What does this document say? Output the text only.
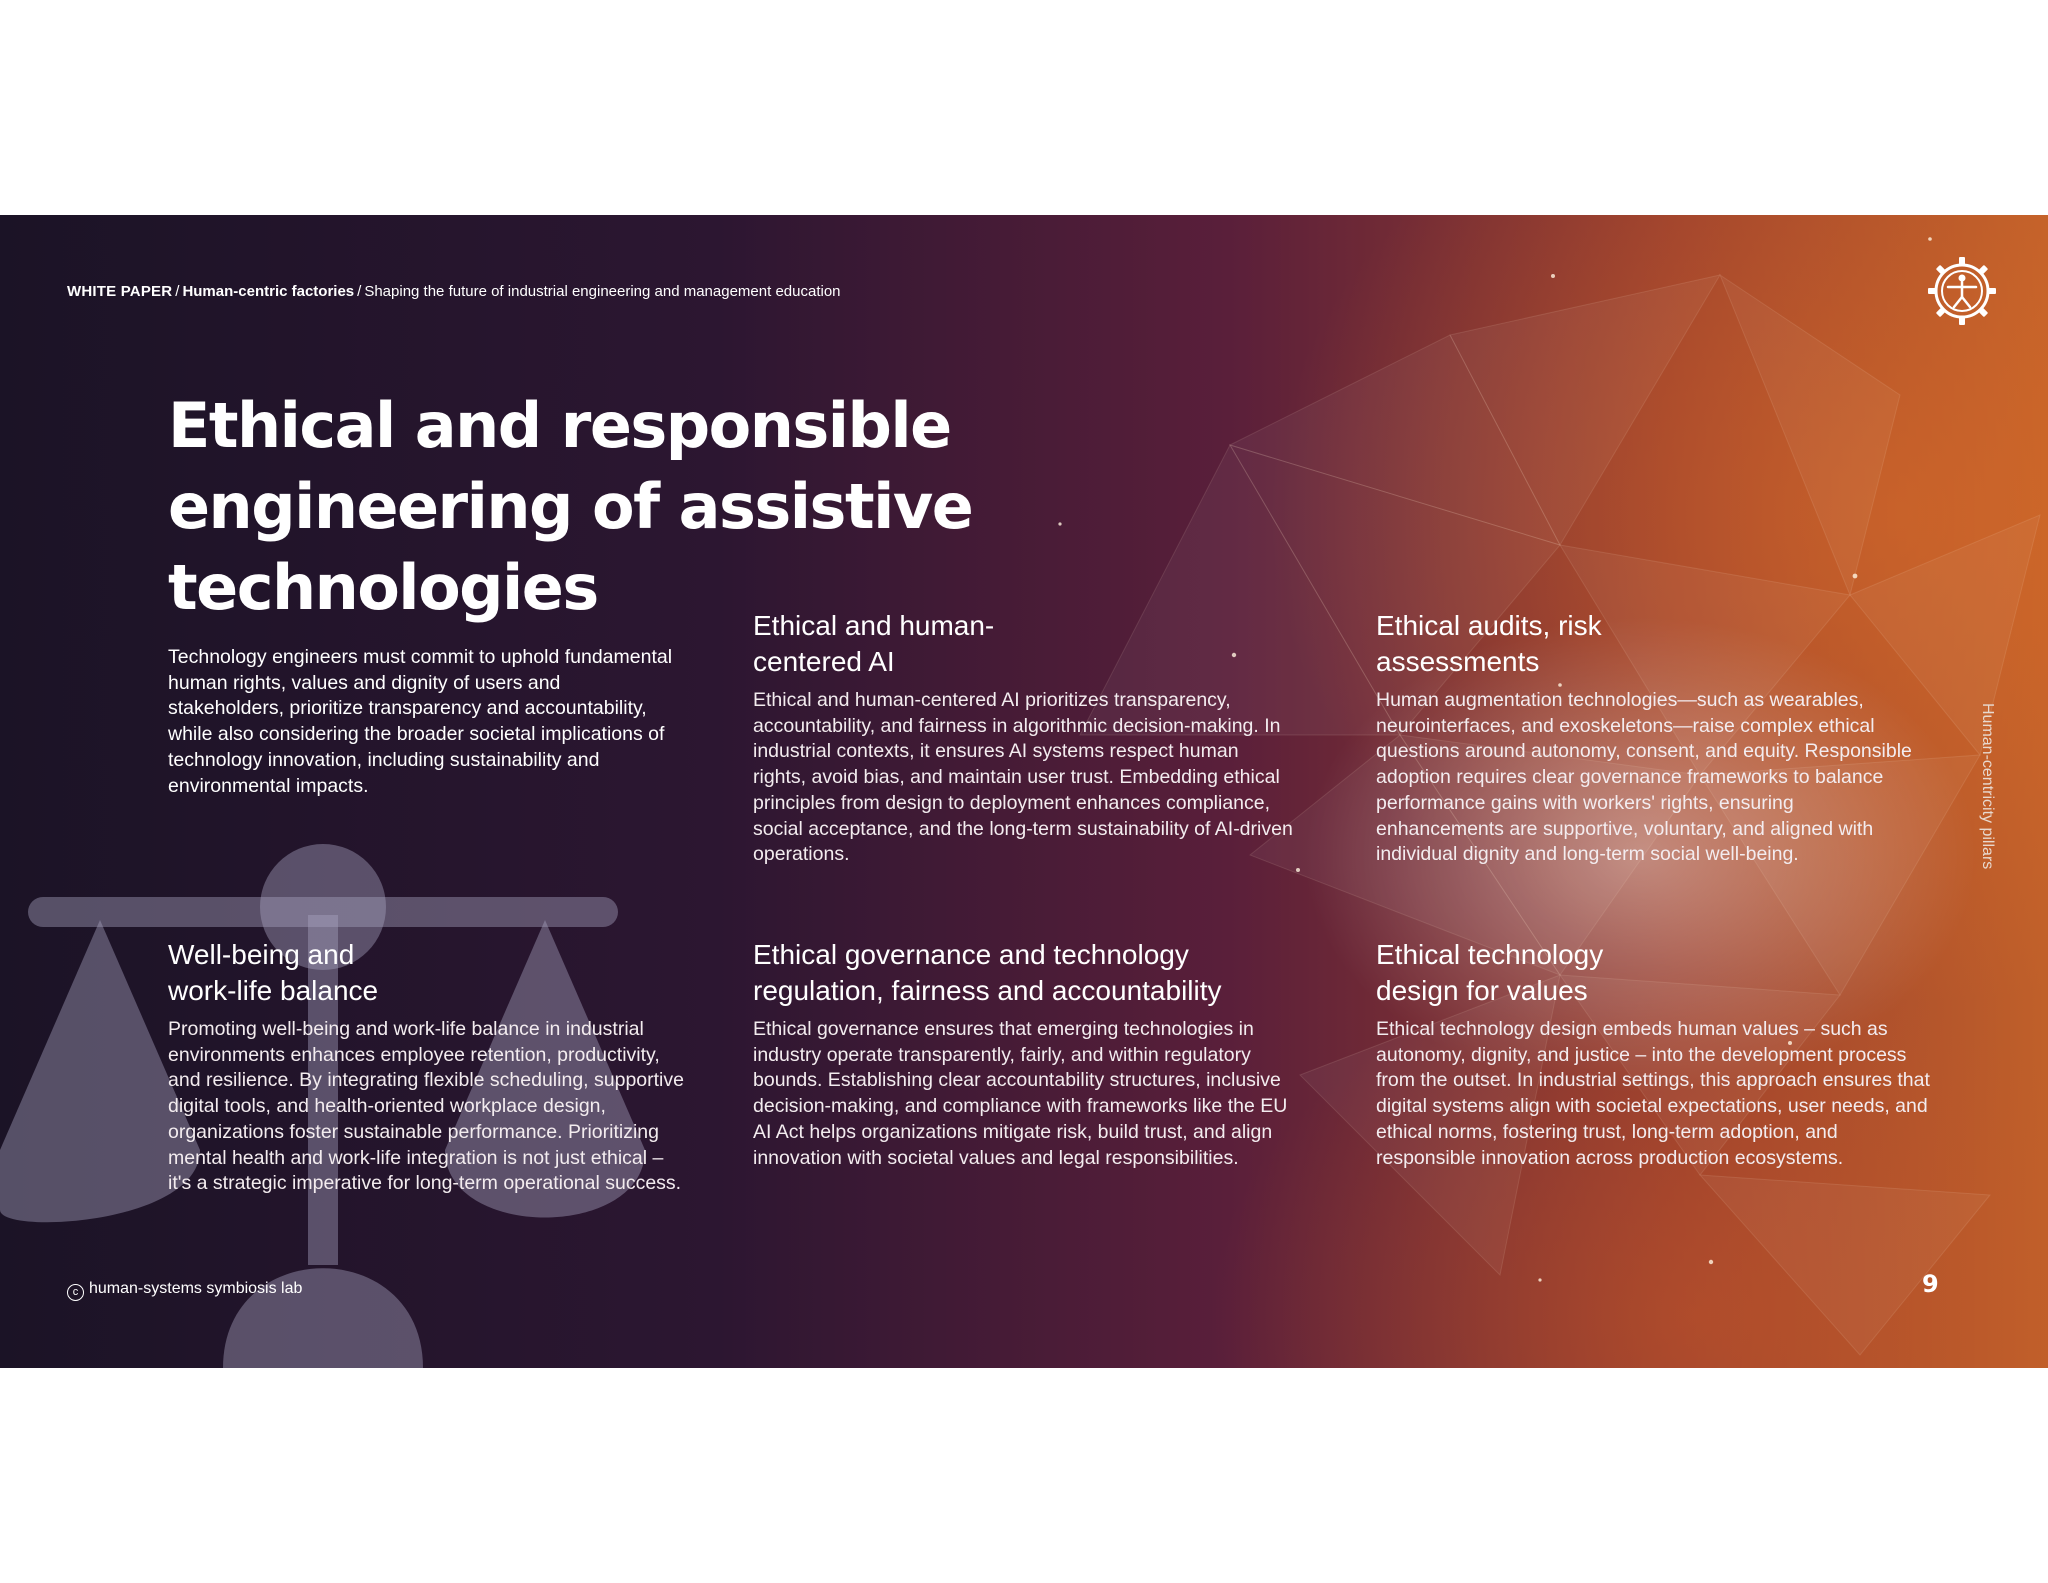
WHITE PAPER / Human-centric factories / Shaping the future of industrial engineering and management education
Ethical and responsible engineering of assistive technologies

Technology engineers must commit to uphold fundamental human rights, values and dignity of users and stakeholders, prioritize transparency and accountability, while also considering the broader societal implications of technology innovation, including sustainability and environmental impacts.

Ethical and human-
centered AI

Ethical and human-centered AI prioritizes transparency, accountability, and fairness in algorithmic decision-making. In industrial contexts, it ensures AI systems respect human rights, avoid bias, and maintain user trust. Embedding ethical principles from design to deployment enhances compliance, social acceptance, and the long-term sustainability of AI-driven operations.

Ethical audits, risk
assessments

Human augmentation technologies—such as wearables, neurointerfaces, and exoskeletons—raise complex ethical questions around autonomy, consent, and equity. Responsible adoption requires clear governance frameworks to balance performance gains with workers' rights, ensuring enhancements are supportive, voluntary, and aligned with individual dignity and long-term social well-being.

Well-being and
work-life balance

Promoting well-being and work-life balance in industrial environments enhances employee retention, productivity, and resilience. By integrating flexible scheduling, supportive digital tools, and health-oriented workplace design, organizations foster sustainable performance. Prioritizing mental health and work-life integration is not just ethical – it's a strategic imperative for long-term operational success.

Ethical governance and technology
regulation, fairness and accountability

Ethical governance ensures that emerging technologies in industry operate transparently, fairly, and within regulatory bounds. Establishing clear accountability structures, inclusive decision-making, and compliance with frameworks like the EU AI Act helps organizations mitigate risk, build trust, and align innovation with societal values and legal responsibilities.

Ethical technology
design for values

Ethical technology design embeds human values – such as autonomy, dignity, and justice – into the development process from the outset. In industrial settings, this approach ensures that digital systems align with societal expectations, user needs, and ethical norms, fostering trust, long-term adoption, and responsible innovation across production ecosystems.

Human-centricity pillars
c human-systems symbiosis lab	9
